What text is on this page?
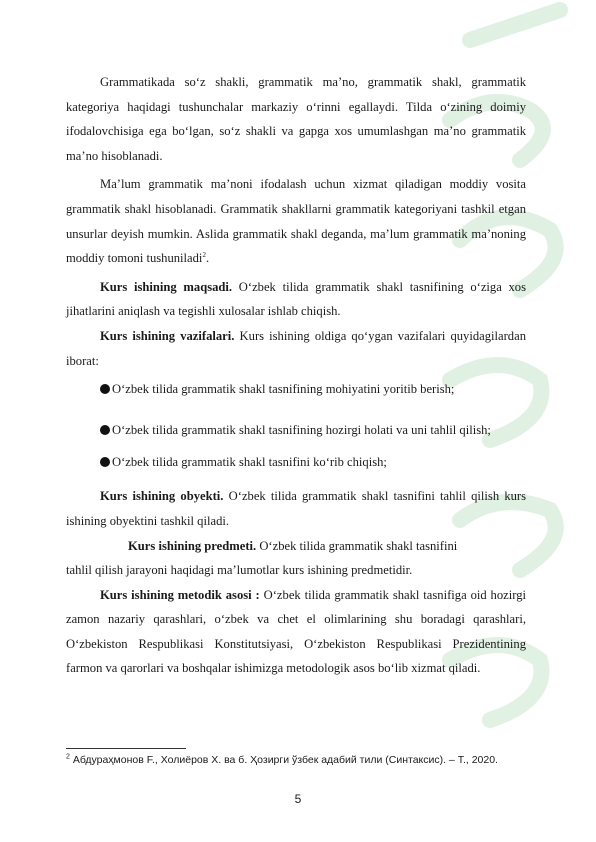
Grammatikada so‘z shakli, grammatik ma’no, grammatik shakl, grammatik kategoriya haqidagi tushunchalar markaziy o‘rinni egallaydi. Tilda o‘zining doimiy ifodalovchisiga ega bo‘lgan, so‘z shakli va gapga xos umumlashgan ma’no grammatik ma’no hisoblanadi.

Ma’lum grammatik ma’noni ifodalash uchun xizmat qiladigan moddiy vosita grammatik shakl hisoblanadi. Grammatik shakllarni grammatik kategoriyani tashkil etgan unsurlar deyish mumkin. Aslida grammatik shakl deganda, ma’lum grammatik ma’noning moddiy tomoni tushuniladi$^2$.

Kurs ishining maqsadi. O‘zbek tilida grammatik shakl tasnifining o‘ziga xos jihatlarini aniqlash va tegishli xulosalar ishlab chiqish.

Kurs ishining vazifalari. Kurs ishining oldiga qo‘ygan vazifalari quyidagilardan iborat:

O‘zbek tilida grammatik shakl tasnifining mohiyatini yoritib berish;

O‘zbek tilida grammatik shakl tasnifining hozirgi holati va uni tahlil qilish;

O‘zbek tilida grammatik shakl tasnifini ko‘rib chiqish;

Kurs ishining obyekti. O‘zbek tilida grammatik shakl tasnifini tahlil qilish kurs ishining obyektini tashkil qiladi.

Kurs ishining predmeti. O‘zbek tilida grammatik shakl tasnifini

tahlil qilish jarayoni haqidagi ma’lumotlar kurs ishining predmetidir.

Kurs ishining metodik asosi : O‘zbek tilida grammatik shakl tasnifiga oid hozirgi zamon nazariy qarashlari, o‘zbek va chet el olimlarining shu boradagi qarashlari, O‘zbekiston Respublikasi Konstitutsiyasi, O‘zbekiston Respublikasi Prezidentining farmon va qarorlari va boshqalar ishimizga metodologik asos bo‘lib xizmat qiladi.

$^2$ Абдураҳмонов F., Холиёров Х. ва б. Ҳозирги ўзбек адабий тили (Синтаксис). – Т., 2020.
5
